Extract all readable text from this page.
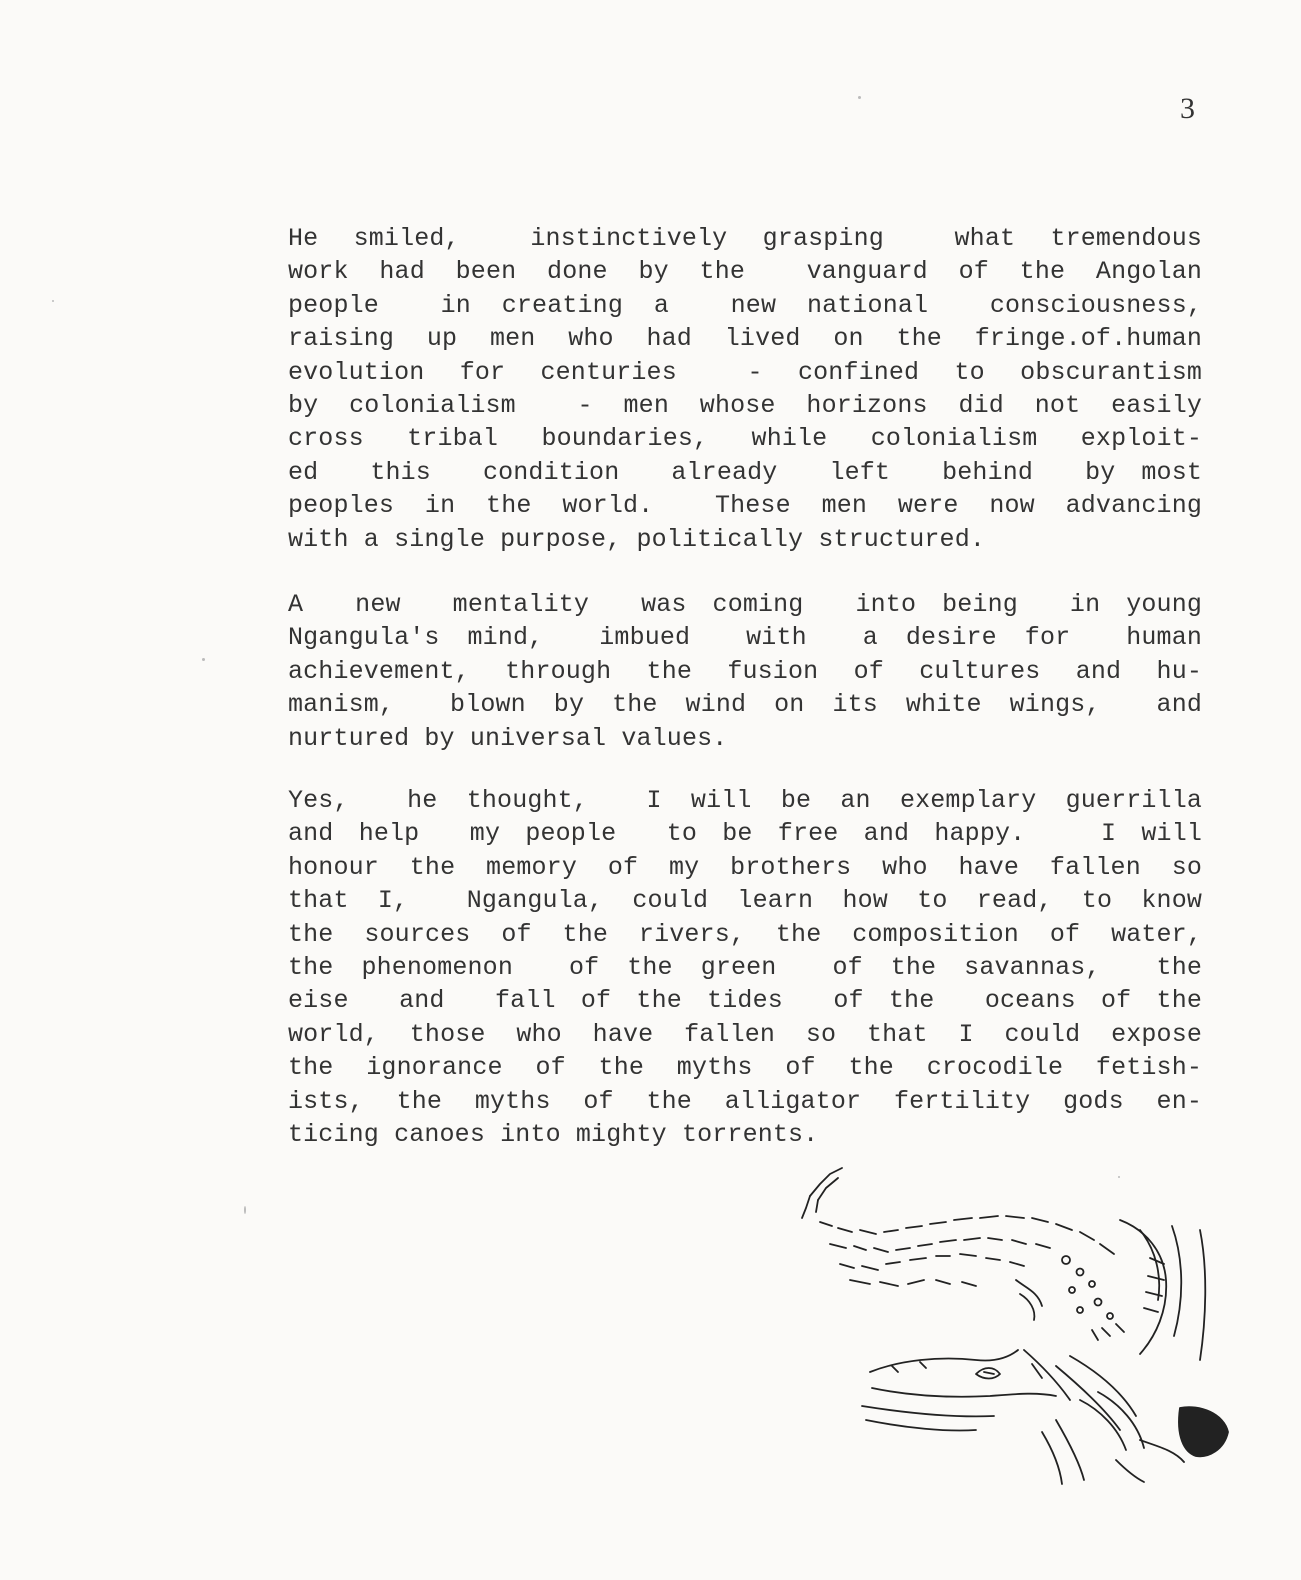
3
He smiled,  instinctively grasping  what tremendous
work had been done by the  vanguard of the Angolan
people  in creating a  new national  consciousness,
raising up men who had lived on the fringe.of.human
evolution for centuries  - confined to obscurantism
by colonialism  - men whose horizons did not easily
cross tribal boundaries, while colonialism exploit-
ed  this  condition  already  left  behind  by most
peoples in the world.  These men were now advancing
with a single purpose, politically structured.
A  new  mentality  was coming  into being  in young
Ngangula's mind,  imbued  with  a desire for  human
achievement, through the fusion of cultures and hu-
manism,  blown by the wind on its white wings,  and
nurtured by universal values.
Yes,  he thought,  I will be an exemplary guerrilla
and help  my people  to be free and happy.   I will
honour the memory of my brothers who have fallen so
that I,  Ngangula, could learn how to read, to know
the sources of the rivers, the composition of water,
the phenomenon  of the green  of the savannas,  the
eise  and  fall of the tides  of the  oceans of the
world, those who have fallen so that I could expose
the ignorance of the myths of the crocodile fetish-
ists, the myths of the alligator fertility gods en-
ticing canoes into mighty torrents.
